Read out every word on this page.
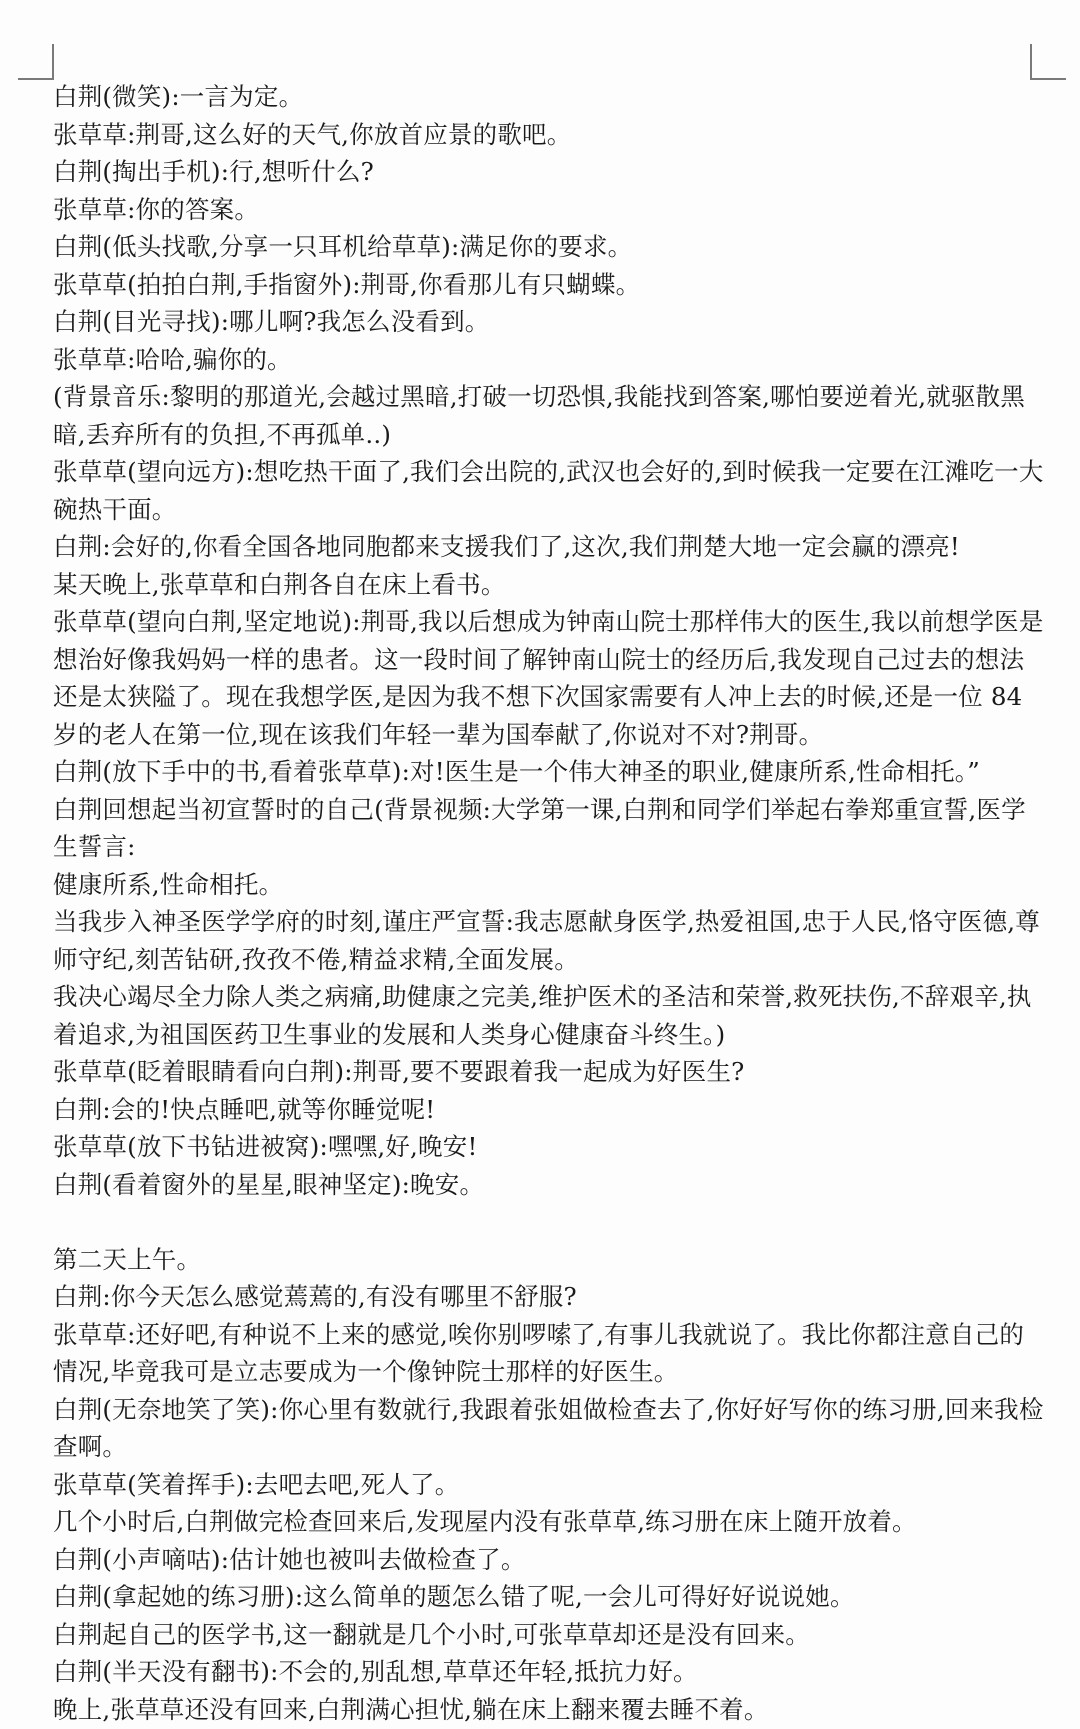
白荆(微笑):一言为定。

张草草:荆哥,这么好的天气,你放首应景的歌吧。

白荆(掏出手机):行,想听什么?

张草草:你的答案。

白荆(低头找歌,分享一只耳机给草草):满足你的要求。

张草草(拍拍白荆,手指窗外):荆哥,你看那儿有只蝴蝶。

白荆(目光寻找):哪儿啊?我怎么没看到。

张草草:哈哈,骗你的。

(背景音乐:黎明的那道光,会越过黑暗,打破一切恐惧,我能找到答案,哪怕要逆着光,就驱散黑暗,丢弃所有的负担,不再孤单..)

张草草(望向远方):想吃热干面了,我们会出院的,武汉也会好的,到时候我一定要在江滩吃一大碗热干面。

白荆:会好的,你看全国各地同胞都来支援我们了,这次,我们荆楚大地一定会赢的漂亮!

某天晚上,张草草和白荆各自在床上看书。

张草草(望向白荆,坚定地说):荆哥,我以后想成为钟南山院士那样伟大的医生,我以前想学医是想治好像我妈妈一样的患者。这一段时间了解钟南山院士的经历后,我发现自己过去的想法还是太狭隘了。现在我想学医,是因为我不想下次国家需要有人冲上去的时候,还是一位 84 岁的老人在第一位,现在该我们年轻一辈为国奉献了,你说对不对?荆哥。

白荆(放下手中的书,看着张草草):对!医生是一个伟大神圣的职业,健康所系,性命相托。”

白荆回想起当初宣誓时的自己(背景视频:大学第一课,白荆和同学们举起右拳郑重宣誓,医学生誓言:

健康所系,性命相托。

当我步入神圣医学学府的时刻,谨庄严宣誓:我志愿献身医学,热爱祖国,忠于人民,恪守医德,尊师守纪,刻苦钻研,孜孜不倦,精益求精,全面发展。

我决心竭尽全力除人类之病痛,助健康之完美,维护医术的圣洁和荣誉,救死扶伤,不辞艰辛,执着追求,为祖国医药卫生事业的发展和人类身心健康奋斗终生。)

张草草(眨着眼睛看向白荆):荆哥,要不要跟着我一起成为好医生?

白荆:会的!快点睡吧,就等你睡觉呢!

张草草(放下书钻进被窝):嘿嘿,好,晚安!

白荆(看着窗外的星星,眼神坚定):晚安。

第二天上午。

白荆:你今天怎么感觉蔫蔫的,有没有哪里不舒服?

张草草:还好吧,有种说不上来的感觉,唉你别啰嗦了,有事儿我就说了。我比你都注意自己的情况,毕竟我可是立志要成为一个像钟院士那样的好医生。

白荆(无奈地笑了笑):你心里有数就行,我跟着张姐做检查去了,你好好写你的练习册,回来我检查啊。

张草草(笑着挥手):去吧去吧,死人了。

几个小时后,白荆做完检查回来后,发现屋内没有张草草,练习册在床上随开放着。

白荆(小声嘀咕):估计她也被叫去做检查了。

白荆(拿起她的练习册):这么简单的题怎么错了呢,一会儿可得好好说说她。

白荆起自己的医学书,这一翻就是几个小时,可张草草却还是没有回来。

白荆(半天没有翻书):不会的,别乱想,草草还年轻,抵抗力好。

晚上,张草草还没有回来,白荆满心担忧,躺在床上翻来覆去睡不着。
